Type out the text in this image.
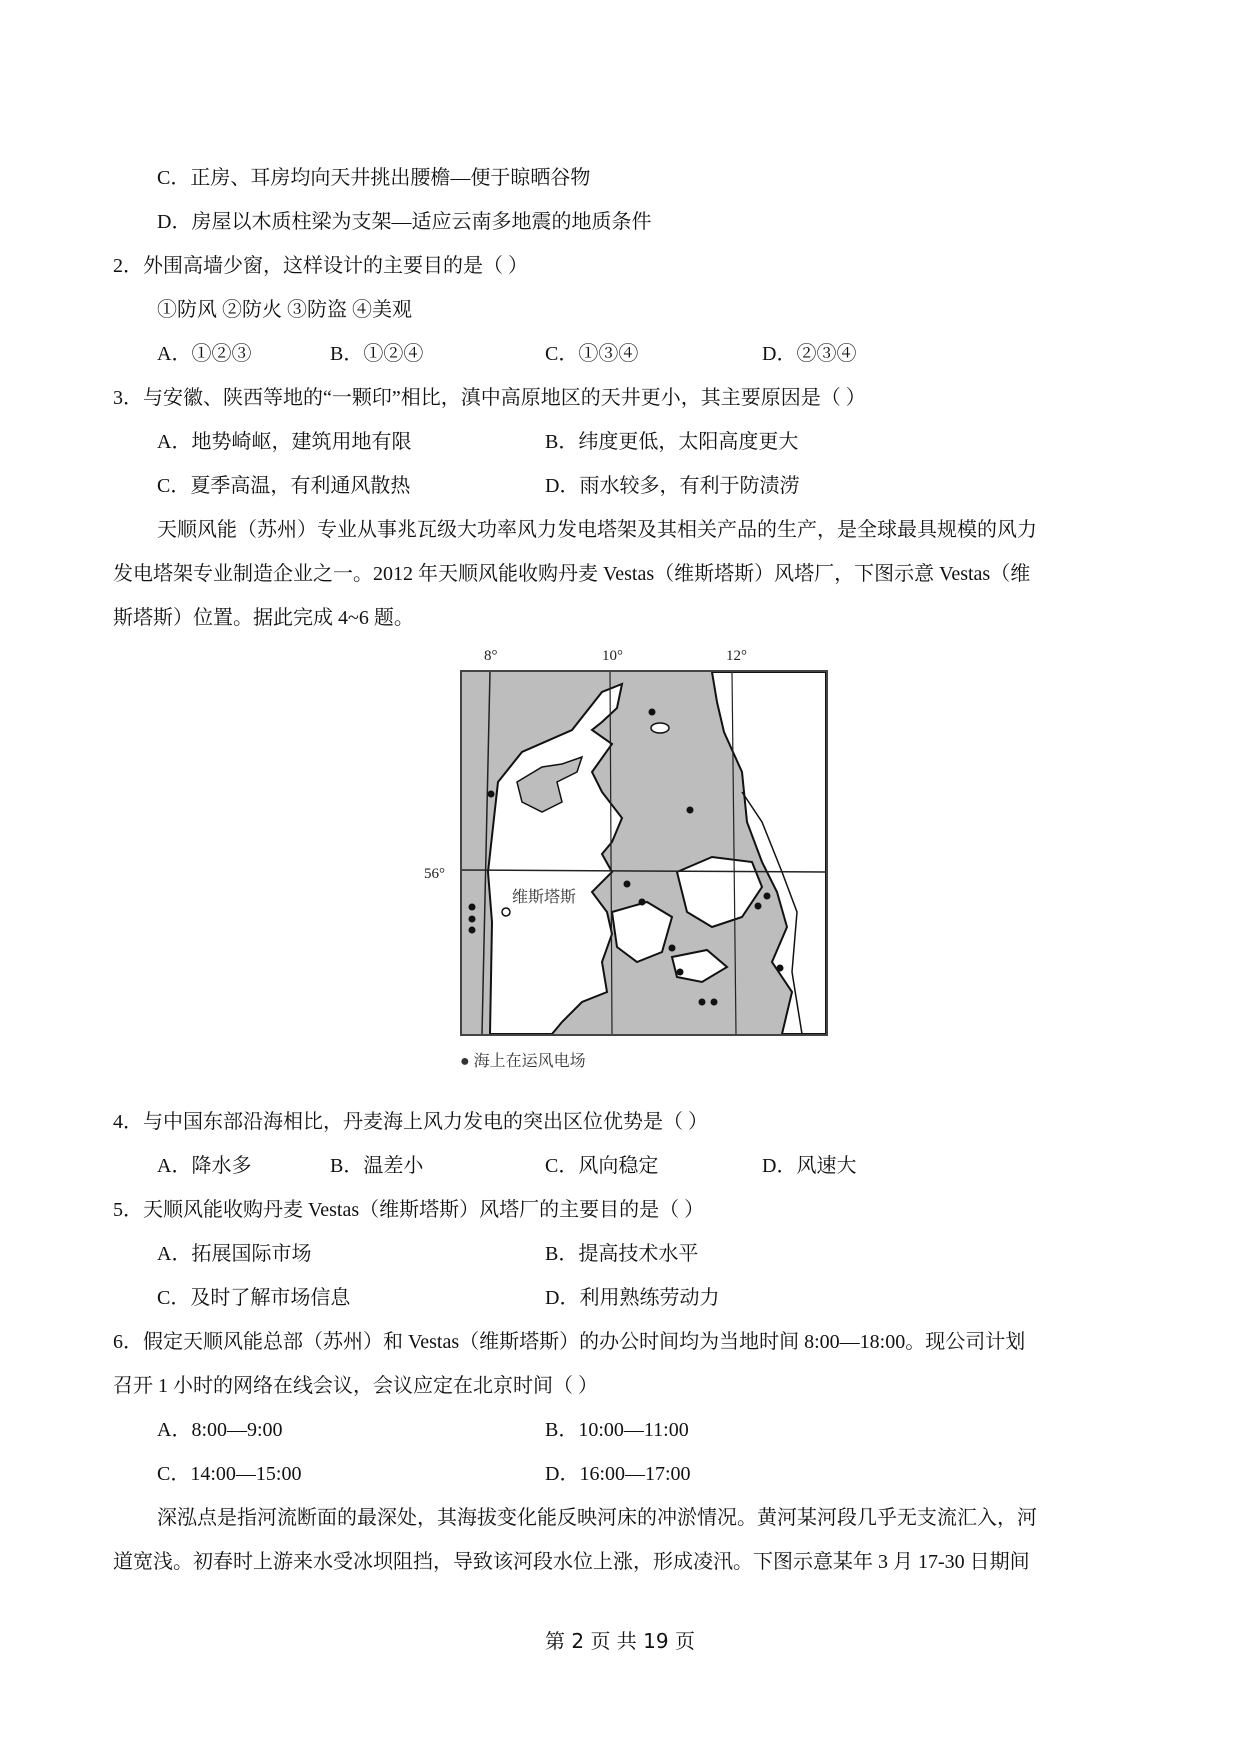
C．正房、耳房均向天井挑出腰檐—便于晾晒谷物
D．房屋以木质柱梁为支架—适应云南多地震的地质条件
2．外围高墙少窗，这样设计的主要目的是（ ）
①防风 ②防火 ③防盗 ④美观
A．①②③	B．①②④	C．①③④	D．②③④
3．与安徽、陕西等地的“一颗印”相比，滇中高原地区的天井更小，其主要原因是（ ）
A．地势崎岖，建筑用地有限	B．纬度更低，太阳高度更大
C．夏季高温，有利通风散热	D．雨水较多，有利于防渍涝
天顺风能（苏州）专业从事兆瓦级大功率风力发电塔架及其相关产品的生产，是全球最具规模的风力
发电塔架专业制造企业之一。2012 年天顺风能收购丹麦 Vestas（维斯塔斯）风塔厂，下图示意 Vestas（维
斯塔斯）位置。据此完成 4~6 题。
8°	10°	12°
56°
维斯塔斯
● 海上在运风电场
4．与中国东部沿海相比，丹麦海上风力发电的突出区位优势是（ ）
A．降水多	B．温差小	C．风向稳定	D．风速大
5．天顺风能收购丹麦 Vestas（维斯塔斯）风塔厂的主要目的是（ ）
A．拓展国际市场	B．提高技术水平
C．及时了解市场信息	D．利用熟练劳动力
6．假定天顺风能总部（苏州）和 Vestas（维斯塔斯）的办公时间均为当地时间 8:00—18:00。现公司计划
召开 1 小时的网络在线会议，会议应定在北京时间（ ）
A．8:00—9:00	B．10:00—11:00
C．14:00—15:00	D．16:00—17:00
深泓点是指河流断面的最深处，其海拔变化能反映河床的冲淤情况。黄河某河段几乎无支流汇入，河
道宽浅。初春时上游来水受冰坝阻挡，导致该河段水位上涨，形成凌汛。下图示意某年 3 月 17-30 日期间
第 2 页 共 19 页
